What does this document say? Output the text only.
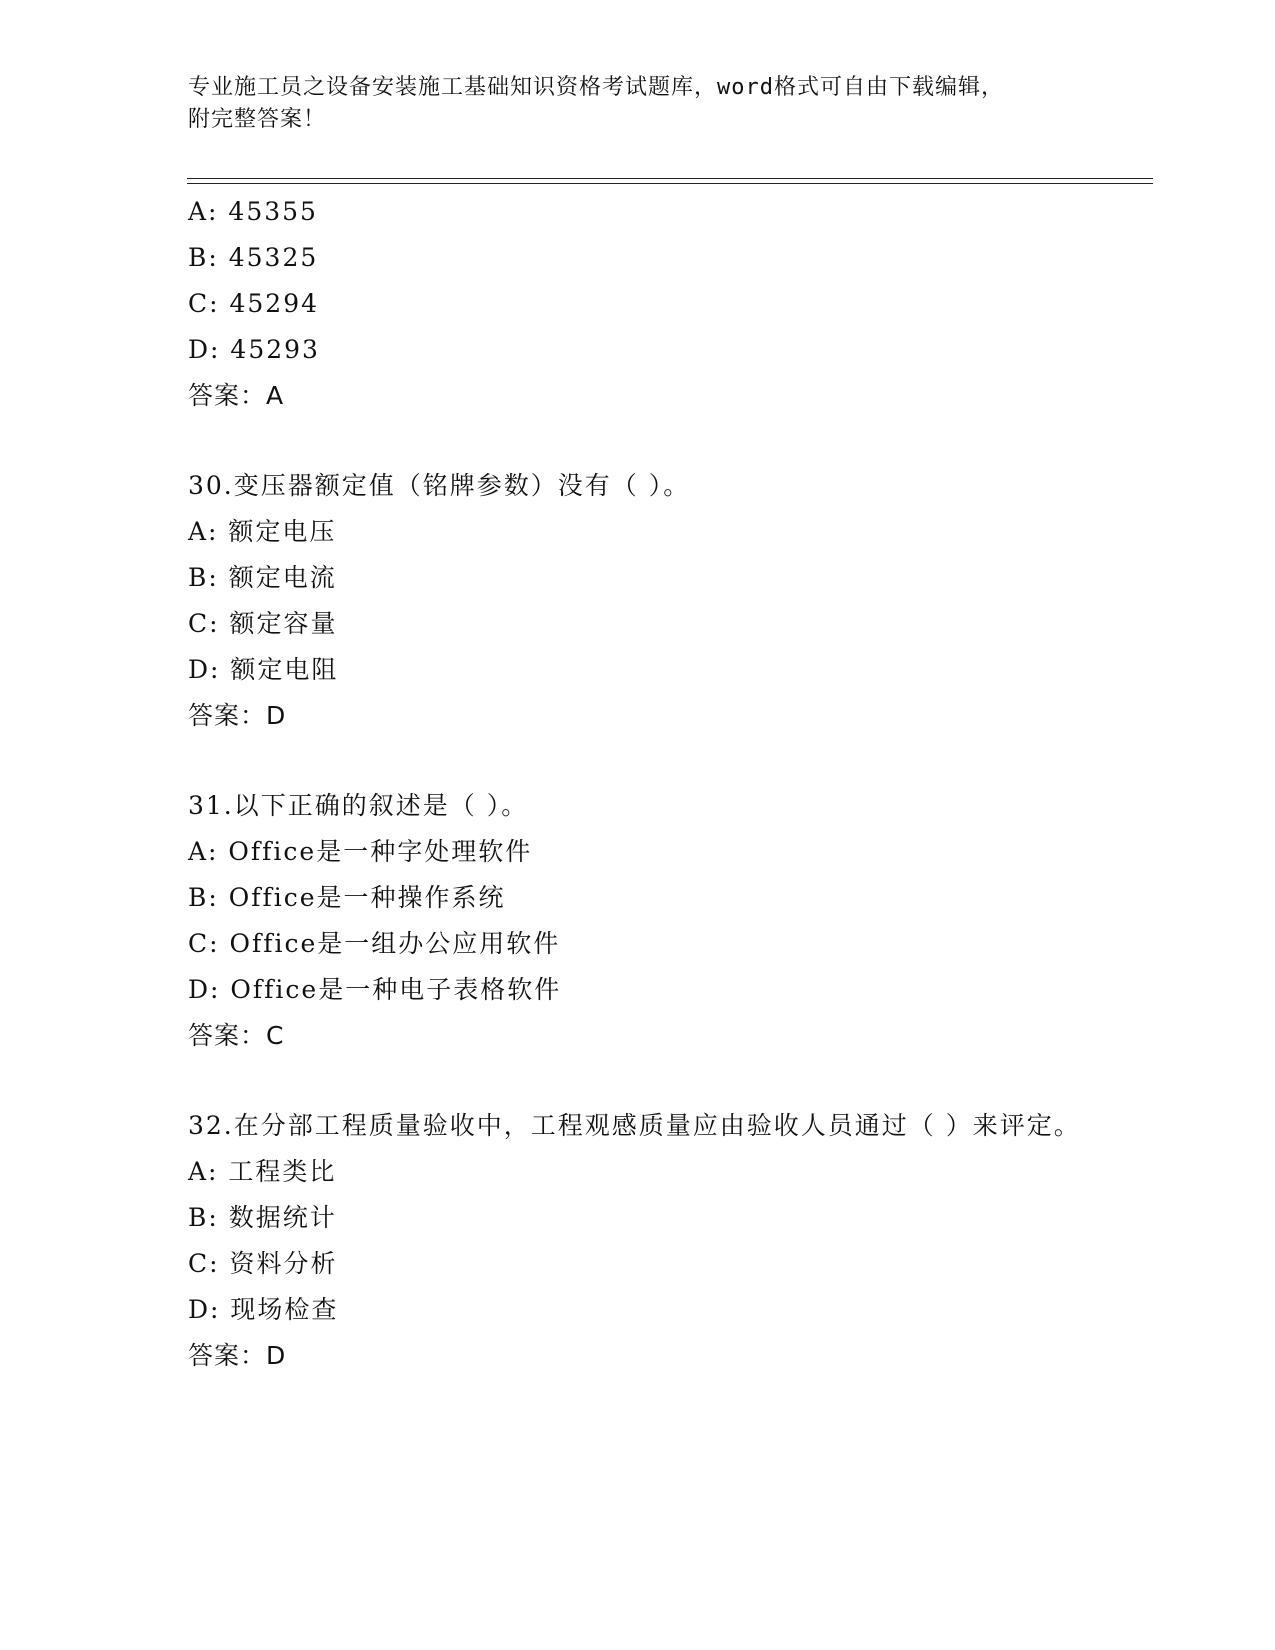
专业施工员之设备安装施工基础知识资格考试题库，word格式可自由下载编辑，
附完整答案！
A: 45355
B: 45325
C: 45294
D: 45293
答案：A
30.变压器额定值（铭牌参数）没有（ ）。
A: 额定电压
B: 额定电流
C: 额定容量
D: 额定电阻
答案：D
31.以下正确的叙述是（ ）。
A: Office是一种字处理软件
B: Office是一种操作系统
C: Office是一组办公应用软件
D: Office是一种电子表格软件
答案：C
32.在分部工程质量验收中，工程观感质量应由验收人员通过（ ）来评定。
A: 工程类比
B: 数据统计
C: 资料分析
D: 现场检查
答案：D
